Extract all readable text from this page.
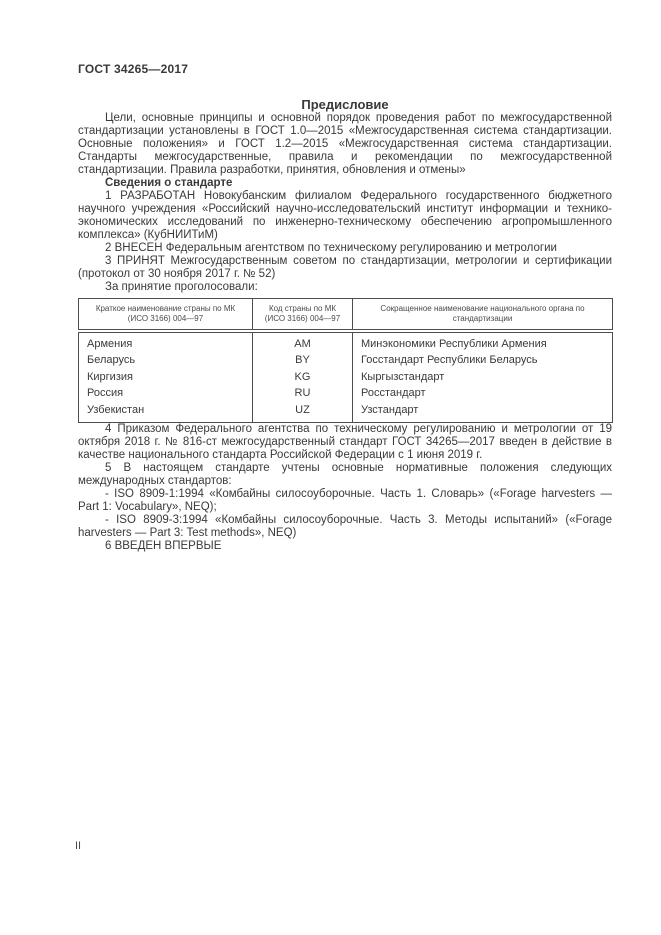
ГОСТ 34265—2017
Предисловие

Цели, основные принципы и основной порядок проведения работ по межгосударственной стандартизации установлены в ГОСТ 1.0—2015 «Межгосударственная система стандартизации. Основные положения» и ГОСТ 1.2—2015 «Межгосударственная система стандартизации. Стандарты межгосударственные, правила и рекомендации по межгосударственной стандартизации. Правила разработки, принятия, обновления и отмены»

Сведения о стандарте

1 РАЗРАБОТАН Новокубанским филиалом Федерального государственного бюджетного научного учреждения «Российский научно-исследовательский институт информации и технико-экономических исследований по инженерно-техническому обеспечению агропромышленного комплекса» (КубНИИТиМ)

2 ВНЕСЕН Федеральным агентством по техническому регулированию и метрологии

3 ПРИНЯТ Межгосударственным советом по стандартизации, метрологии и сертификации (протокол от 30 ноября 2017 г. № 52)

За принятие проголосовали:

Краткое наименование страны по МК (ИСО 3166) 004—97	Код страны по МК (ИСО 3166) 004—97	Сокращенное наименование национального органа по стандартизации
Армения	AM	Минэкономики Республики Армения
Беларусь	BY	Госстандарт Республики Беларусь
Киргизия	KG	Кыргызстандарт
Россия	RU	Росстандарт
Узбекистан	UZ	Узстандарт

4 Приказом Федерального агентства по техническому регулированию и метрологии от 19 октября 2018 г. № 816-ст межгосударственный стандарт ГОСТ 34265—2017 введен в действие в качестве национального стандарта Российской Федерации с 1 июня 2019 г.

5 В настоящем стандарте учтены основные нормативные положения следующих международных стандартов:

- ISO 8909-1:1994 «Комбайны силосоуборочные. Часть 1. Словарь» («Forage harvesters — Part 1: Vocabulary», NEQ);

- ISO 8909-3:1994 «Комбайны силосоуборочные. Часть 3. Методы испытаний» («Forage harvesters — Part 3: Test methods», NEQ)

6 ВВЕДЕН ВПЕРВЫЕ

II
